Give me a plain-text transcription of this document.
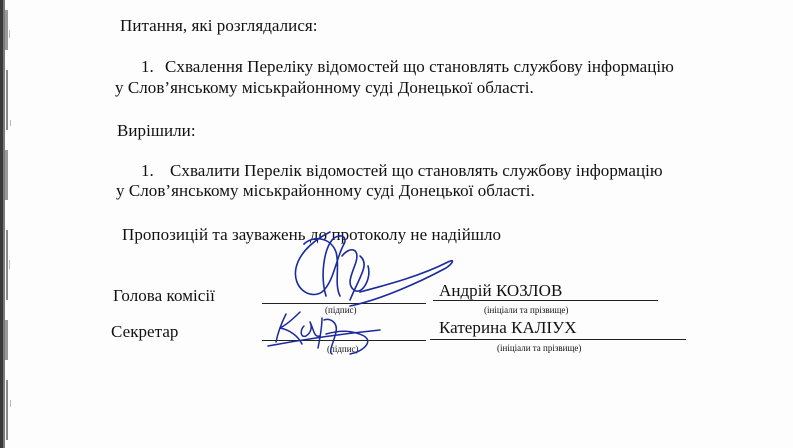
Питання, які розглядалися:
1. Схвалення Переліку відомостей що становлять службову інформацію
у Слов’янському міськрайонному суді Донецької області.
Вирішили:
1. Схвалити Перелік відомостей що становлять службову інформацію
у Слов’янському міськрайонному суді Донецької області.
Пропозицій та зауважень до протоколу не надійшло
Голова комісії
(підпис)
Андрій КОЗЛОВ
(ініціали та прізвище)
Секретар
(підпис)
Катерина КАЛІУХ
(ініціали та прізвище)
